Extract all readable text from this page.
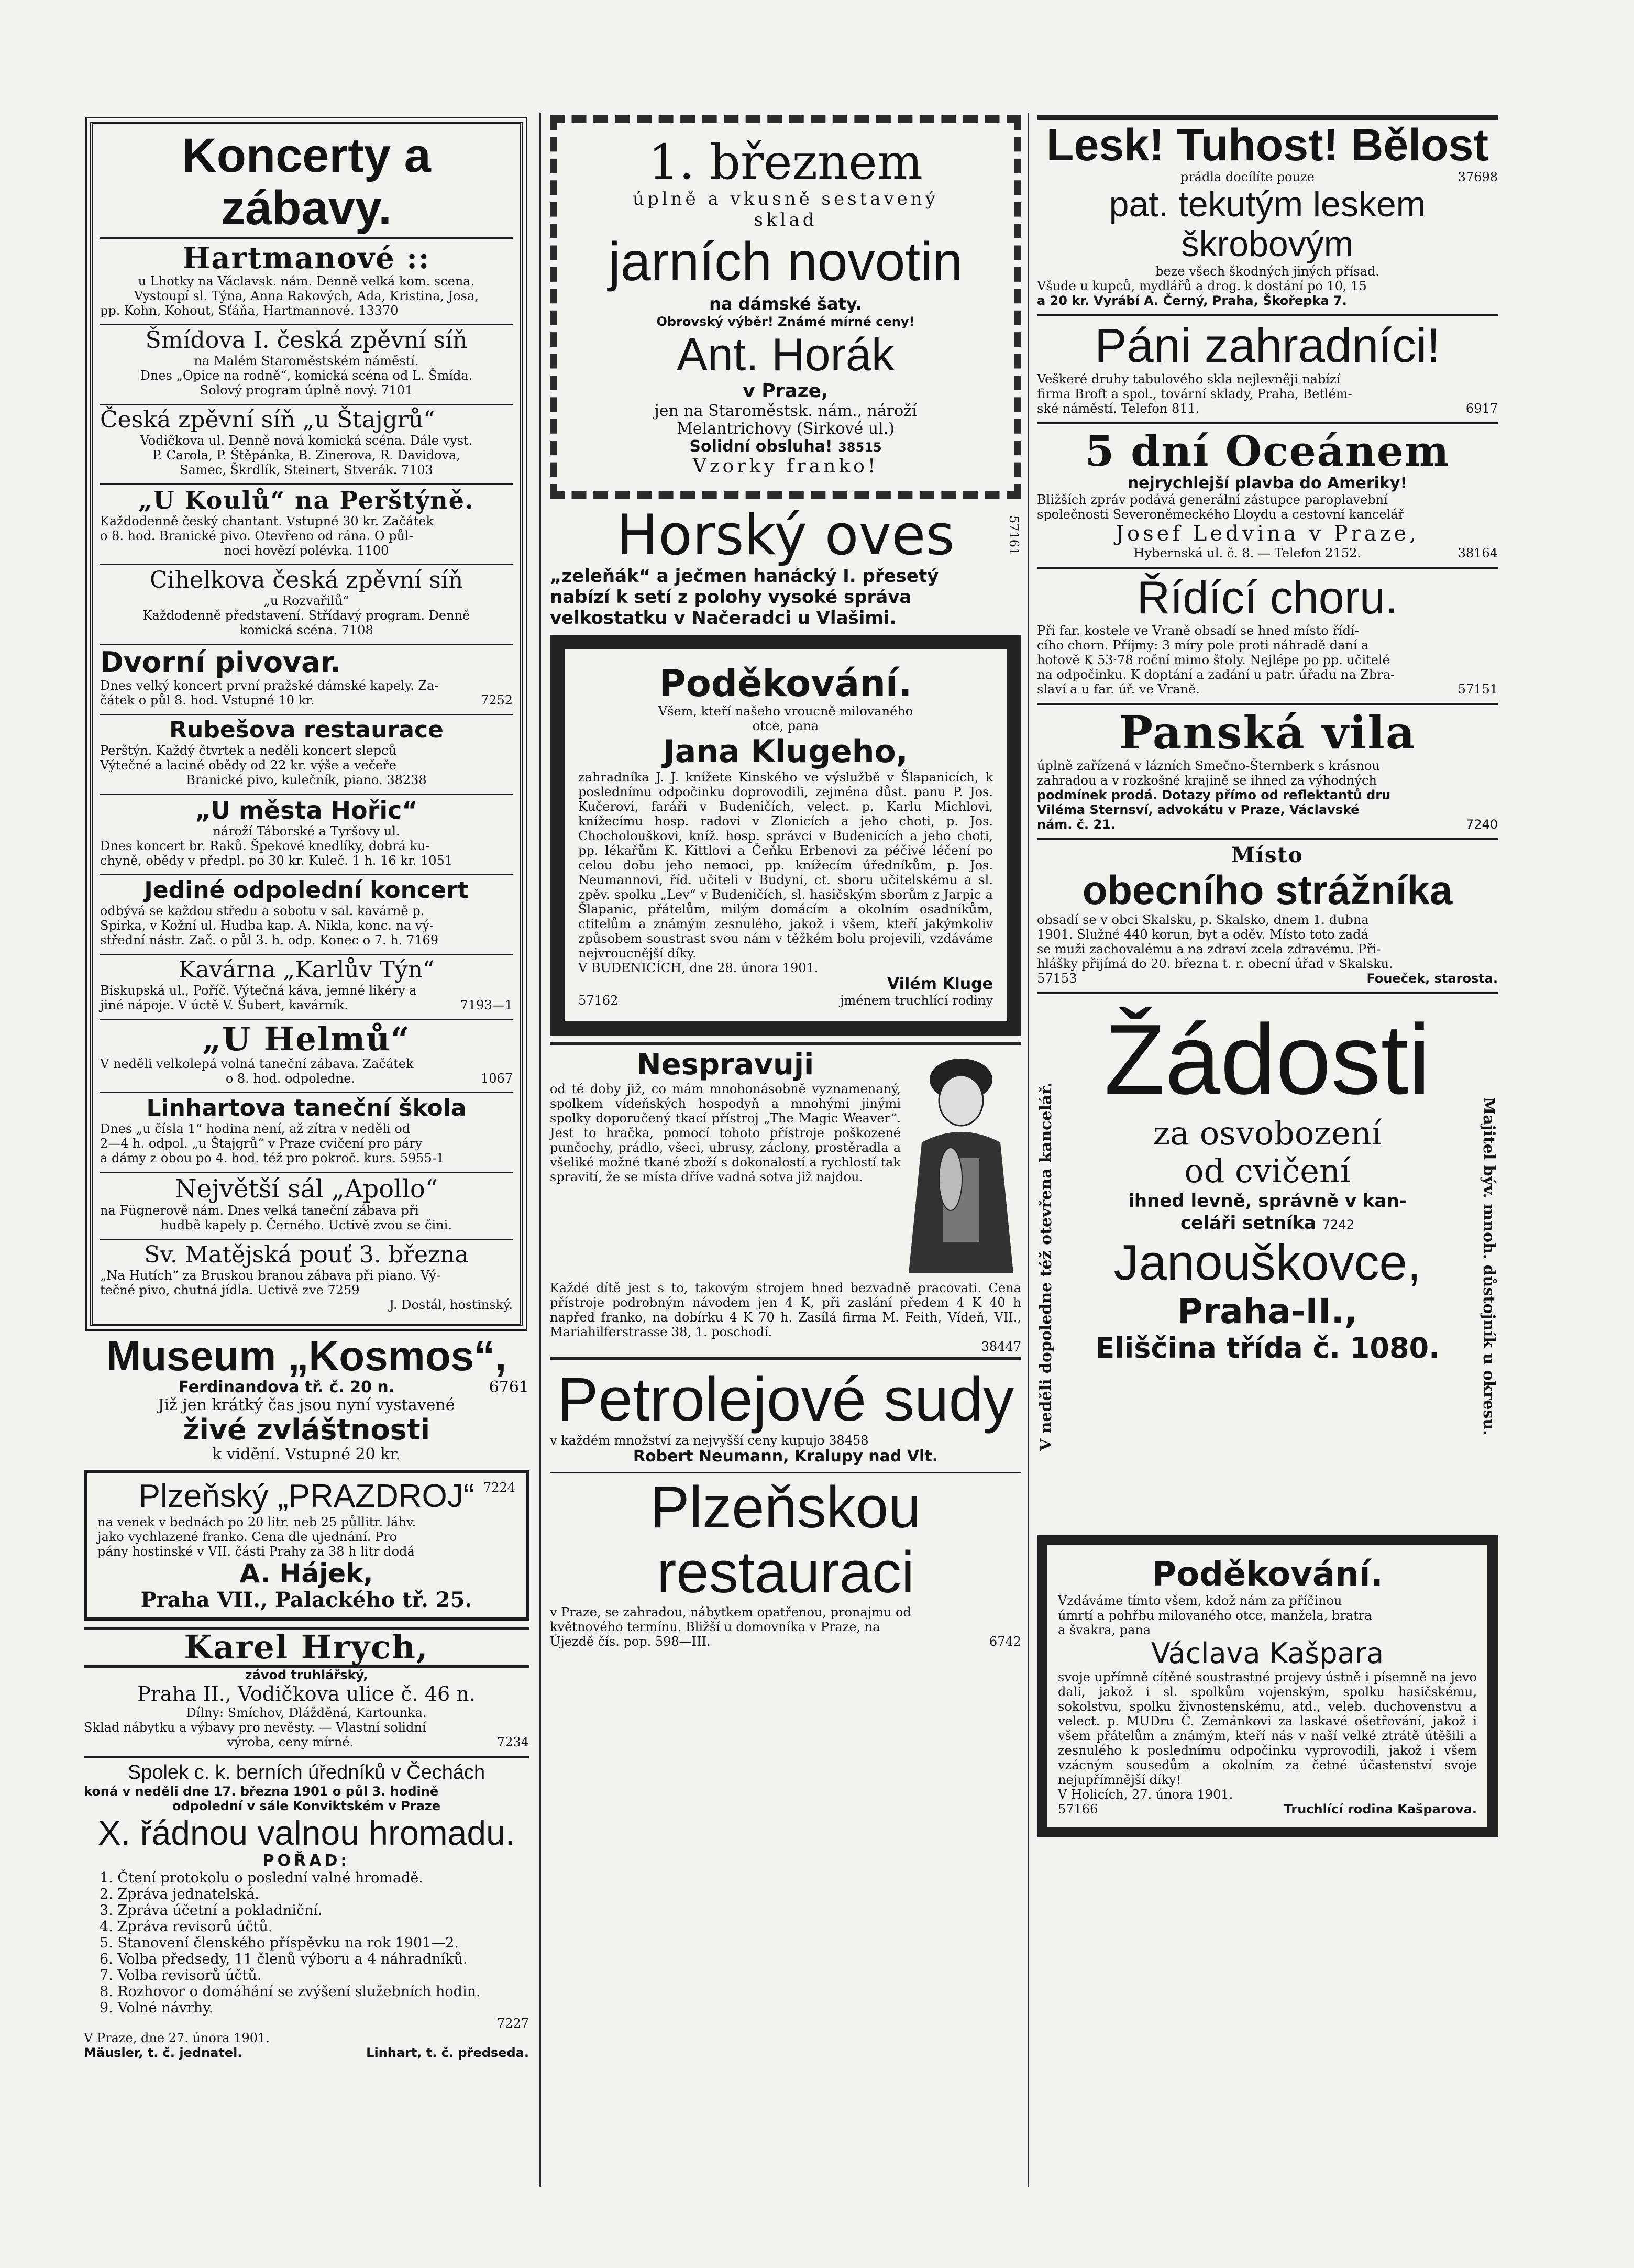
Koncerty a zábavy.
Hartmanové ::
u Lhotky na Václavsk. nám. Denně velká kom. scena.
Vystoupí sl. Týna, Anna Rakových, Ada, Kristina, Josa,
pp. Kohn, Kohout, Sťáňa, Hartmannové. 13370
Šmídova I. česká zpěvní síň
na Malém Staroměstském náměstí.
Dnes „Opice na rodně“, komická scéna od L. Šmída.
Solový program úplně nový. 7101
Česká zpěvní síň „u Štajgrů“
Vodičkova ul. Denně nová komická scéna. Dále vyst.
P. Carola, P. Štěpánka, B. Zinerova, R. Davidova,
Samec, Škrdlík, Steinert, Stverák. 7103
„U Koulů“ na Perštýně.
Každodenně český chantant. Vstupné 30 kr. Začátek
o 8. hod. Branické pivo. Otevřeno od rána. O půl-
noci hovězí polévka. 1100
Cihelkova česká zpěvní síň
„u Rozvařilů“
Každodenně představení. Střídavý program. Denně
komická scéna. 7108
Dvorní pivovar.
Dnes velký koncert první pražské dámské kapely. Za-
čátek o půl 8. hod. Vstupné 10 kr.	7252
Rubešova restaurace
Perštýn. Každý čtvrtek a neděli koncert slepců
Výtečné a laciné obědy od 22 kr. výše a večeře
Branické pivo, kulečník, piano. 38238
„U města Hořic“
nároží Táborské a Tyršovy ul.
Dnes koncert br. Raků. Špekové knedlíky, dobrá ku-
chyně, obědy v předpl. po 30 kr. Kuleč. 1 h. 16 kr. 1051
Jediné odpolední koncert
odbývá se každou středu a sobotu v sal. kavárně p.
Spirka, v Kožní ul. Hudba kap. A. Nikla, konc. na vý-
střední nástr. Zač. o půl 3. h. odp. Konec o 7. h. 7169
Kavárna „Karlův Týn“
Biskupská ul., Poříč. Výtečná káva, jemné likéry a
jiné nápoje. V úctě V. Šubert, kavárník.	7193—1
„U Helmů“
V neděli velkolepá volná taneční zábava. Začátek
o 8. hod. odpoledne.	1067
Linhartova taneční škola
Dnes „u čísla 1“ hodina není, až zítra v neděli od
2—4 h. odpol. „u Štajgrů“ v Praze cvičení pro páry
a dámy z obou po 4. hod. též pro pokroč. kurs. 5955-1
Největší sál „Apollo“
na Fügnerově nám. Dnes velká taneční zábava při
hudbě kapely p. Černého. Uctivě zvou se čini.
Sv. Matějská pouť 3. března
„Na Hutích“ za Bruskou branou zábava při piano. Vý-
tečné pivo, chutná jídla. Uctivě zve 7259
J. Dostál, hostinský.
Museum „Kosmos“,
Ferdinandova tř. č. 20 n.	6761
Již jen krátký čas jsou nyní vystavené
živé zvláštnosti
k vidění. Vstupné 20 kr.
Plzeňský „PRAZDROJ“ 7224
na venek v bednách po 20 litr. neb 25 půllitr. láhv.
jako vychlazené franko. Cena dle ujednání. Pro
pány hostinské v VII. části Prahy za 38 h litr dodá
A. Hájek,
Praha VII., Palackého tř. 25.
Karel Hrych,
závod truhlářský,
Praha II., Vodičkova ulice č. 46 n.
Dílny: Smíchov, Dlážděná, Kartounka.
Sklad nábytku a výbavy pro nevěsty. — Vlastní solidní
výroba, ceny mírné.	7234
Spolek c. k. berních úředníků v Čechách
koná v neděli dne 17. března 1901 o půl 3. hodině
odpolední v sále Konviktském v Praze
X. řádnou valnou hromadu.
POŘAD:
1. Čtení protokolu o poslední valné hromadě.
2. Zpráva jednatelská.
3. Zpráva účetní a pokladniční.
4. Zpráva revisorů účtů.
5. Stanovení členského příspěvku na rok 1901—2.
6. Volba předsedy, 11 členů výboru a 4 náhradníků.
7. Volba revisorů účtů.
8. Rozhovor o domáhání se zvýšení služebních hodin.
9. Volné návrhy.
7227
V Praze, dne 27. února 1901.
Mäusler, t. č. jednatel.	Linhart, t. č. předseda.
1. březnem
úplně a vkusně sestavený
sklad
jarních novotin
na dámské šaty.
Obrovský výběr! Známé mírné ceny!
Ant. Horák
v Praze,
jen na Staroměstsk. nám., nároží
Melantrichovy (Sirkové ul.)
Solidní obsluha! 38515
Vzorky franko!
Horský oves	57161
„zeleňák“ a ječmen hanácký I. přesetý
nabízí k setí z polohy vysoké správa
velkostatku v Načeradci u Vlašimi.
Poděkování.
Všem, kteří našeho vroucně milovaného
otce, pana
Jana Klugeho,
zahradníka J. J. knížete Kinského ve výslužbě v Šlapanicích, k poslednímu odpočinku doprovodili, zejména důst. panu P. Jos. Kučerovi, faráři v Budeničích, velect. p. Karlu Michlovi, knížecímu hosp. radovi v Zlonicích a jeho choti, p. Jos. Chocholouškovi, kníž. hosp. správci v Budenicích a jeho choti, pp. lékařům K. Kittlovi a Čeňku Erbenovi za péčivé léčení po celou dobu jeho nemoci, pp. knížecím úředníkům, p. Jos. Neumannovi, říd. učiteli v Budyni, ct. sboru učitelskému a sl. zpěv. spolku „Lev“ v Budeničích, sl. hasičským sborům z Jarpic a Šlapanic, přátelům, milým domácím a okolním osadníkům, ctitelům a známým zesnulého, jakož i všem, kteří jakýmkoliv způsobem soustrast svou nám v těžkém bolu projevili, vzdáváme nejvroucnější díky.
V BUDENICÍCH, dne 28. února 1901.
Vilém Kluge
57162	jménem truchlící rodiny
Nespravuji
od té doby již, co mám mnohonásobně vyznamenaný, spolkem vídeňských hospodyň a mnohými jinými spolky doporučený tkací přístroj „The Magic Weaver“. Jest to hračka, pomocí tohoto přístroje poškozené punčochy, prádlo, všeci, ubrusy, záclony, prostěradla a všeliké možné tkané zboží s dokonalostí a rychlostí tak spravití, že se místa dříve vadná sotva již najdou.
Každé dítě jest s to, takovým strojem hned bezvadně pracovati. Cena přístroje podrobným návodem jen 4 K, při zaslání předem 4 K 40 h napřed franko, na dobírku 4 K 70 h. Zasílá firma M. Feith, Vídeň, VII., Mariahilferstrasse 38, 1. poschodí.
38447
Petrolejové sudy
v každém množství za nejvyšší ceny kupujo 38458
Robert Neumann, Kralupy nad Vlt.
Plzeňskou restauraci
v Praze, se zahradou, nábytkem opatřenou, pronajmu od
květnového termínu. Bližší u domovníka v Praze, na
Újezdě čís. pop. 598—III.	6742
Lesk! Tuhost! Bělost
prádla docílíte pouze	37698
pat. tekutým leskem škrobovým
beze všech škodných jiných přísad.
Všude u kupců, mydlářů a drog. k dostání po 10, 15
a 20 kr. Vyrábí A. Černý, Praha, Škořepka 7.
Páni zahradníci!
Veškeré druhy tabulového skla nejlevněji nabízí
firma Broft a spol., tovární sklady, Praha, Betlém-
ské náměstí. Telefon 811.	6917
5 dní Oceánem
nejrychlejší plavba do Ameriky!
Bližších zpráv podává generální zástupce paroplavební
společnosti Severoněmeckého Lloydu a cestovní kancelář
Josef Ledvina v Praze,
Hybernská ul. č. 8. — Telefon 2152.	38164
Řídící choru.
Při far. kostele ve Vraně obsadí se hned místo řídí-
cího chorn. Příjmy: 3 míry pole proti náhradě daní a
hotově K 53·78 roční mimo štoly. Nejlépe po pp. učitelé
na odpočinku. K doptání a zadání u patr. úřadu na Zbra-
slaví a u far. úř. ve Vraně.	57151
Panská vila
úplně zařízená v lázních Smečno-Šternberk s krásnou
zahradou a v rozkošné krajině se ihned za výhodných
podmínek prodá. Dotazy přímo od reflektantů dru
Viléma Sternsví, advokátu v Praze, Václavské
nám. č. 21.	7240
Místo
obecního strážníka
obsadí se v obci Skalsku, p. Skalsko, dnem 1. dubna
1901. Služné 440 korun, byt a oděv. Místo toto zadá
se muži zachovalému a na zdraví zcela zdravému. Při-
hlášky přijímá do 20. března t. r. obecní úřad v Skalsku.
57153	Foueček, starosta.
V neděli dopoledne též otevřena kancelář.	Majitel býv. mnoh. důstojník u okresu.
Žádosti
za osvobození
od cvičení
ihned levně, správně v kan-
celáři setníka 7242
Janouškovce,
Praha-II.,
Eliščina třída č. 1080.
Poděkování.
Vzdáváme tímto všem, kdož nám za příčinou
úmrtí a pohřbu milovaného otce, manžela, bratra
a švakra, pana
Václava Kašpara
svoje upřímně cítěné soustrastné projevy ústně i písemně na jevo dali, jakož i sl. spolkům vojenským, spolku hasičskému, sokolstvu, spolku živnostenskému, atd., veleb. duchovenstvu a velect. p. MUDru Č. Zemánkovi za laskavé ošetřování, jakož i všem přátelům a známým, kteří nás v naší velké ztrátě útěšili a zesnulého k poslednímu odpočinku vyprovodili, jakož i všem vzácným sousedům a okolním za četné účastenství svoje nejupřímnější díky!
V Holicích, 27. února 1901.
57166	Truchlící rodina Kašparova.
